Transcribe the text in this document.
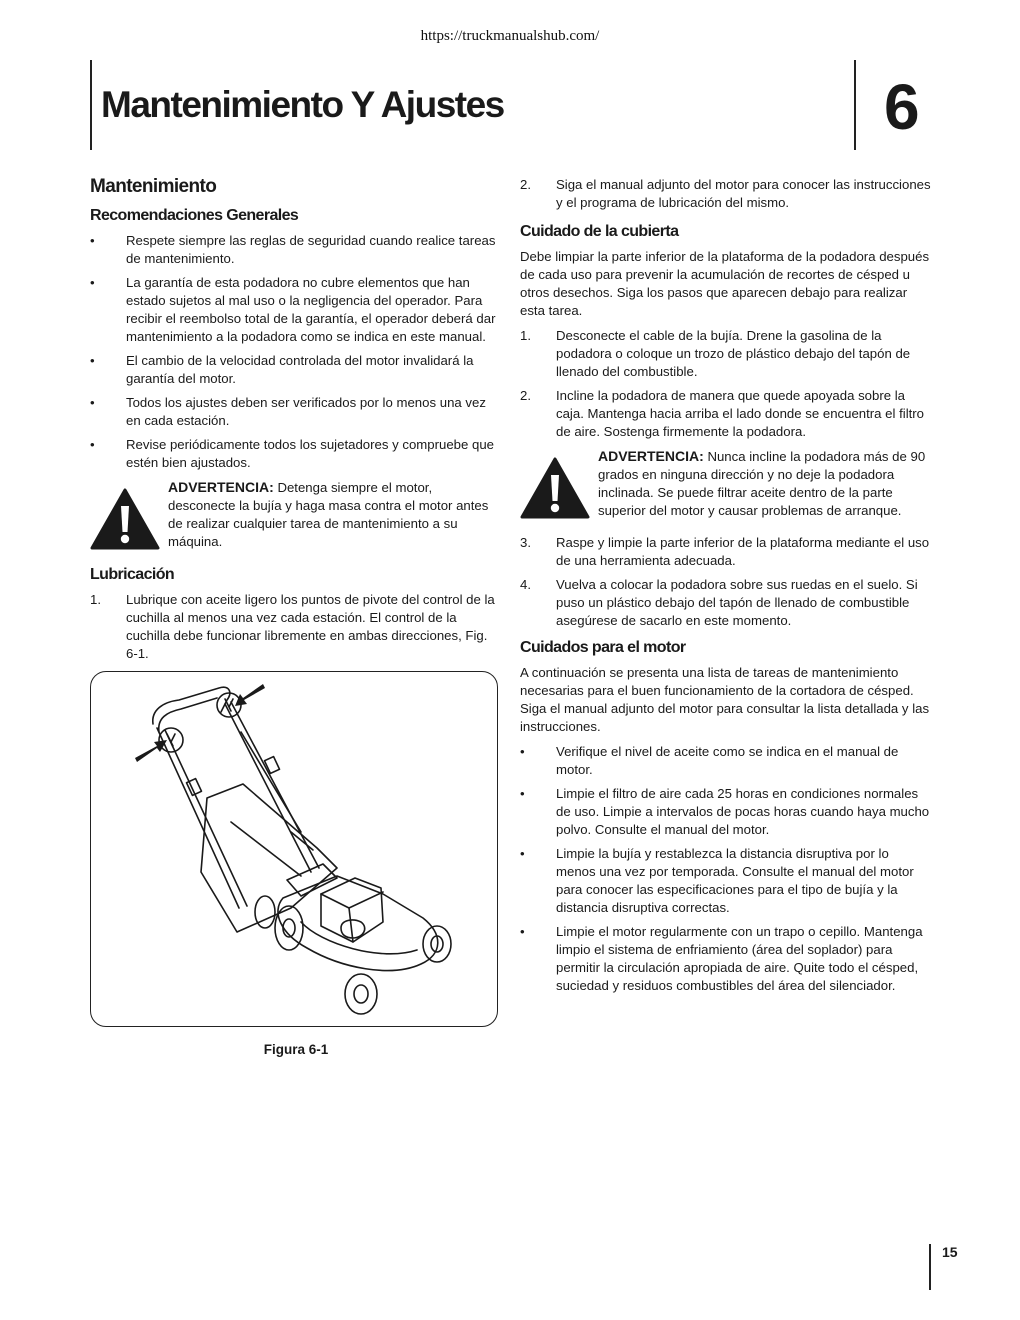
https://truckmanualshub.com/
Mantenimiento Y Ajustes	6
Mantenimiento
Recomendaciones Generales
•	Respete siempre las reglas de seguridad cuando realice tareas de mantenimiento.
•	La garantía de esta podadora no cubre elementos que han estado sujetos al mal uso o la negligencia del operador. Para recibir el reembolso total de la garantía, el operador deberá dar mantenimiento a la podadora como se indica en este manual.
•	El cambio de la velocidad controlada del motor invalidará la garantía del motor.
•	Todos los ajustes deben ser verificados por lo menos una vez en cada estación.
•	Revise periódicamente todos los sujetadores y compruebe que estén bien ajustados.
ADVERTENCIA: Detenga siempre el motor, desconecte la bujía y haga masa contra el motor antes de realizar cualquier tarea de mantenimiento a su máquina.
Lubricación
1.	Lubrique con aceite ligero los puntos de pivote del control de la cuchilla al menos una vez cada estación. El control de la cuchilla debe funcionar libremente en ambas direcciones, Fig. 6-1.
Figura 6-1
2.	Siga el manual adjunto del motor para conocer las instrucciones y el programa de lubricación del mismo.
Cuidado de la cubierta

Debe limpiar la parte inferior de la plataforma de la podadora después de cada uso para prevenir la acumulación de recortes de césped u otros desechos. Siga los pasos que aparecen debajo para realizar esta tarea.

1.	Desconecte el cable de la bujía. Drene la gasolina de la podadora o coloque un trozo de plástico debajo del tapón de llenado del combustible.
2.	Incline la podadora de manera que quede apoyada sobre la caja. Mantenga hacia arriba el lado donde se encuentra el filtro de aire. Sostenga firmemente la podadora.
ADVERTENCIA: Nunca incline la podadora más de 90 grados en ninguna dirección y no deje la podadora inclinada. Se puede filtrar aceite dentro de la parte superior del motor y causar problemas de arranque.
3.	Raspe y limpie la parte inferior de la plataforma mediante el uso de una herramienta adecuada.
4.	Vuelva a colocar la podadora sobre sus ruedas en el suelo. Si puso un plástico debajo del tapón de llenado de combustible asegúrese de sacarlo en este momento.
Cuidados para el motor

A continuación se presenta una lista de tareas de mantenimiento necesarias para el buen funcionamiento de la cortadora de césped. Siga el manual adjunto del motor para consultar la lista detallada y las instrucciones.

•	Verifique el nivel de aceite como se indica en el manual de motor.
•	Limpie el filtro de aire cada 25 horas en condiciones normales de uso. Limpie a intervalos de pocas horas cuando haya mucho polvo. Consulte el manual del motor.
•	Limpie la bujía y restablezca la distancia disruptiva por lo menos una vez por temporada. Consulte el manual del motor para conocer las especificaciones para el tipo de bujía y la distancia disruptiva correctas.
•	Limpie el motor regularmente con un trapo o cepillo. Mantenga limpio el sistema de enfriamiento (área del soplador) para permitir la circulación apropiada de aire. Quite todo el césped, suciedad y residuos combustibles del área del silenciador.
15
